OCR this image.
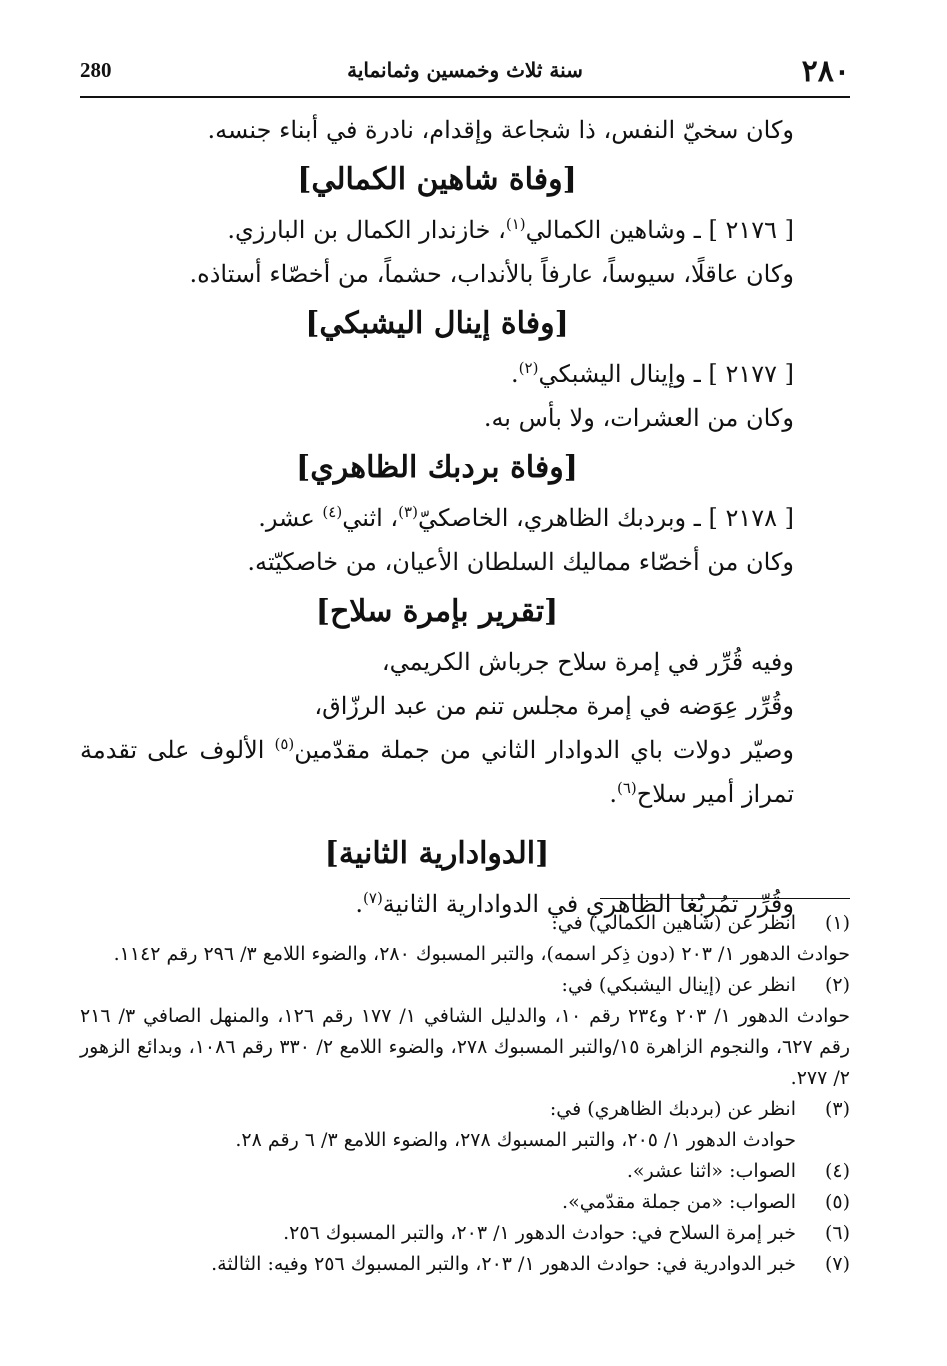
٢٨٠
سنة ثلاث وخمسين وثمانماية
280

وكان سخيّ النفس، ذا شجاعة وإقدام، نادرة في أبناء جنسه.

[وفاة شاهين الكمالي]

[ ٢١٧٦ ] ـ وشاهين الكمالي$^{(١)}$، خازندار الكمال بن البارزي.

وكان عاقلًا، سيوساً، عارفاً بالأنداب، حشماً، من أخصّاء أستاذه.

[وفاة إينال اليشبكي]

[ ٢١٧٧ ] ـ وإينال اليشبكي$^{(٢)}$.

وكان من العشرات، ولا بأس به.

[وفاة بردبك الظاهري]

[ ٢١٧٨ ] ـ وبردبك الظاهري، الخاصكيّ$^{(٣)}$، اثني$^{(٤)}$ عشر.

وكان من أخصّاء مماليك السلطان الأعيان، من خاصكيّته.

[تقرير بإمرة سلاح]

وفيه قُرِّر في إمرة سلاح جرباش الكريمي،

وقُرِّر عِوَضه في إمرة مجلس تنم من عبد الرزّاق،

وصيّر دولات باي الدوادار الثاني من جملة مقدّمين$^{(٥)}$ الألوف على تقدمة تمراز أمير سلاح$^{(٦)}$.

[الدوادارية الثانية]

وقُرِّر تمُربُغا الظاهري في الدوادارية الثانية$^{(٧)}$.

(١)
انظر عن (شاهين الكمالي) في:
حوادث الدهور ١/ ٢٠٣ (دون ذِكر اسمه)، والتبر المسبوك ٢٨٠، والضوء اللامع ٣/ ٢٩٦ رقم ١١٤٢.
(٢)
انظر عن (إينال اليشبكي) في:
حوادث الدهور ١/ ٢٠٣ و٢٣٤ رقم ١٠، والدليل الشافي ١/ ١٧٧ رقم ١٢٦، والمنهل الصافي ٣/ ٢١٦ رقم ٦٢٧، والنجوم الزاهرة ١٥/والتبر المسبوك ٢٧٨، والضوء اللامع ٢/ ٣٣٠ رقم ١٠٨٦، وبدائع الزهور ٢/ ٢٧٧.
(٣)
انظر عن (بردبك الظاهري) في:
حوادث الدهور ١/ ٢٠٥، والتبر المسبوك ٢٧٨، والضوء اللامع ٣/ ٦ رقم ٢٨.
(٤)
الصواب: «اثنا عشر».
(٥)
الصواب: «من جملة مقدّمي».
(٦)
خبر إمرة السلاح في: حوادث الدهور ١/ ٢٠٣، والتبر المسبوك ٢٥٦.
(٧)
خبر الدوادرية في: حوادث الدهور ١/ ٢٠٣، والتبر المسبوك ٢٥٦ وفيه: الثالثة.
